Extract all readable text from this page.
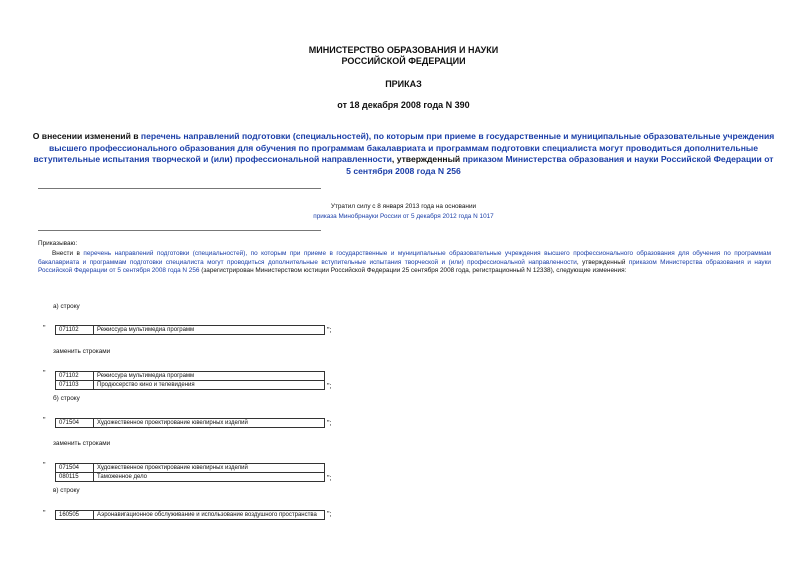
МИНИСТЕРСТВО ОБРАЗОВАНИЯ И НАУКИ
РОССИЙСКОЙ ФЕДЕРАЦИИ
ПРИКАЗ
от 18 декабря 2008 года N 390
О внесении изменений в перечень направлений подготовки (специальностей), по которым при приеме в государственные и муниципальные образовательные учреждения высшего профессионального образования для обучения по программам бакалавриата и программам подготовки специалиста могут проводиться дополнительные вступительные испытания творческой и (или) профессиональной направленности, утвержденный приказом Министерства образования и науки Российской Федерации от 5 сентября 2008 года N 256
Утратил силу с 8 января 2013 года на основании
приказа Минобрнауки России от 5 декабря 2012 года N 1017
Приказываю:
Внести в перечень направлений подготовки (специальностей), по которым при приеме в государственные и муниципальные образовательные учреждения высшего профессионального образования для обучения по программам бакалавриата и программам подготовки специалиста могут проводиться дополнительные вступительные испытания творческой и (или) профессиональной направленности, утвержденный приказом Министерства образования и науки Российской Федерации от 5 сентября 2008 года N 256 (зарегистрирован Министерством юстиции Российской Федерации 25 сентября 2008 года, регистрационный N 12338), следующие изменения:
а) строку
" 071102	Режиссура мультимедиа программ	";
заменить строками
" 071102	Режиссура мультимедиа программ
071103	Продюсерство кино и телевидения	";
б) строку
" 071504	Художественное проектирование ювелирных изделий	";
заменить строками
" 071504	Художественное проектирование ювелирных изделий
080115	Таможенное дело	";
в) строку
" 160505	Аэронавигационное обслуживание и использование воздушного пространства ";
